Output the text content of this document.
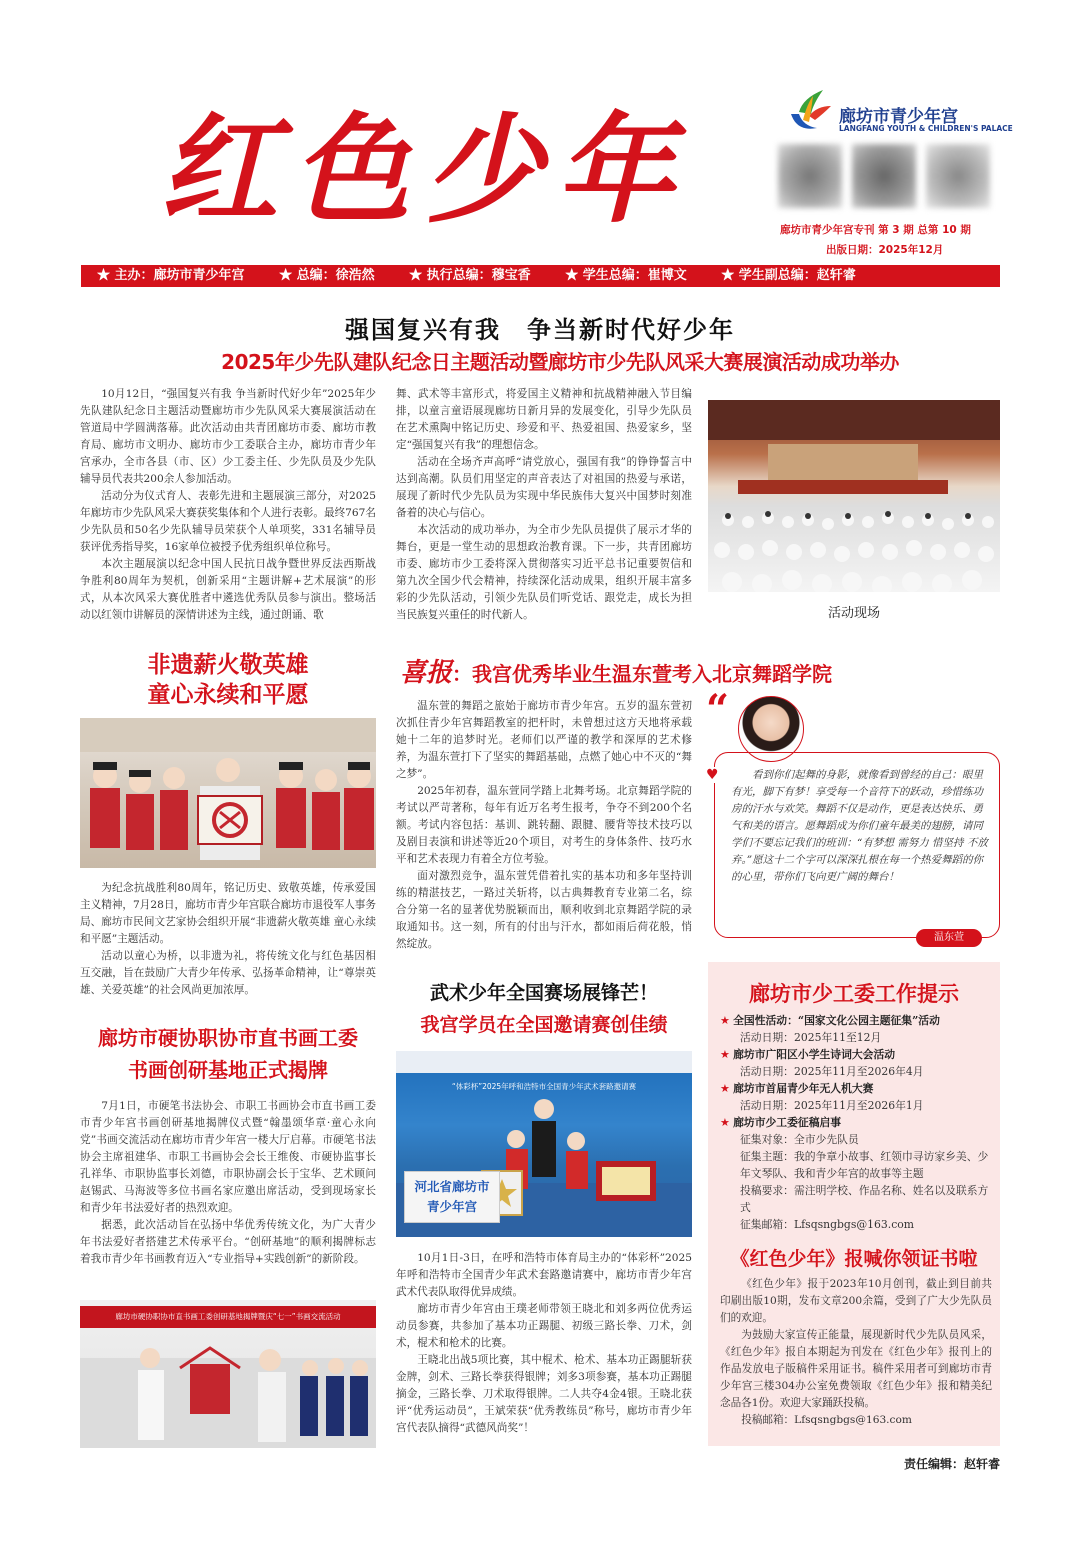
红色少年	廊坊市青少年宫
LANGFANG YOUTH & CHILDREN'S PALACE
廊坊市青少年宫专刊 第 3 期 总第 10 期
出版日期：2025年12月
★ 主办：廊坊市青少年宫	★ 总编：徐浩然	★ 执行总编：穆宝香	★ 学生总编：崔博文	★ 学生副总编：赵轩睿
强国复兴有我　争当新时代好少年
2025年少先队建队纪念日主题活动暨廊坊市少先队风采大赛展演活动成功举办

10月12日，“强国复兴有我 争当新时代好少年”2025年少先队建队纪念日主题活动暨廊坊市少先队风采大赛展演活动在管道局中学圆满落幕。此次活动由共青团廊坊市委、廊坊市教育局、廊坊市文明办、廊坊市少工委联合主办，廊坊市青少年宫承办，全市各县（市、区）少工委主任、少先队员及少先队辅导员代表共200余人参加活动。

活动分为仪式育人、表彰先进和主题展演三部分，对2025年廊坊市少先队风采大赛获奖集体和个人进行表彰。最终767名少先队员和50名少先队辅导员荣获个人单项奖，331名辅导员获评优秀指导奖，16家单位被授予优秀组织单位称号。

本次主题展演以纪念中国人民抗日战争暨世界反法西斯战争胜利80周年为契机，创新采用“主题讲解+艺术展演”的形式，从本次风采大赛优胜者中遴选优秀队员参与演出。整场活动以红领巾讲解员的深情讲述为主线，通过朗诵、歌

舞、武术等丰富形式，将爱国主义精神和抗战精神融入节目编排，以童言童语展现廊坊日新月异的发展变化，引导少先队员在艺术熏陶中铭记历史、珍爱和平、热爱祖国、热爱家乡，坚定“强国复兴有我”的理想信念。

活动在全场齐声高呼“请党放心，强国有我”的铮铮誓言中达到高潮。队员们用坚定的声音表达了对祖国的热爱与承诺，展现了新时代少先队员为实现中华民族伟大复兴中国梦时刻准备着的决心与信心。

本次活动的成功举办，为全市少先队员提供了展示才华的舞台，更是一堂生动的思想政治教育课。下一步，共青团廊坊市委、廊坊市少工委将深入贯彻落实习近平总书记重要贺信和第九次全国少代会精神，持续深化活动成果，组织开展丰富多彩的少先队活动，引领少先队员们听党话、跟党走，成长为担当民族复兴重任的时代新人。	活动现场
非遗薪火敬英雄
童心永续和平愿

为纪念抗战胜利80周年，铭记历史、致敬英雄，传承爱国主义精神，7月28日，廊坊市青少年宫联合廊坊市退役军人事务局、廊坊市民间文艺家协会组织开展“非遗薪火敬英雄 童心永续和平愿”主题活动。

活动以童心为桥，以非遗为礼，将传统文化与红色基因相互交融，旨在鼓励广大青少年传承、弘扬革命精神，让“尊崇英雄、关爱英雄”的社会风尚更加浓厚。

廊坊市硬协职协市直书画工委
书画创研基地正式揭牌

7月1日，市硬笔书法协会、市职工书画协会市直书画工委市青少年宫书画创研基地揭牌仪式暨“翰墨颂华章·童心永向党”书画交流活动在廊坊市青少年宫一楼大厅启幕。市硬笔书法协会主席祖建华、市职工书画协会会长王维俊、市硬协监事长孔祥华、市职协监事长刘德，市职协副会长于宝华、艺术顾问赵锡武、马海波等多位书画名家应邀出席活动，受到现场家长和青少年书法爱好者的热烈欢迎。

据悉，此次活动旨在弘扬中华优秀传统文化，为广大青少年书法爱好者搭建艺术传承平台。“创研基地”的顺利揭牌标志着我市青少年书画教育迈入“专业指导+实践创新”的新阶段。

廊坊市硬协职协市直书画工委创研基地揭牌暨庆“七一”书画交流活动
喜报：我宫优秀毕业生温东萱考入北京舞蹈学院

温东萱的舞蹈之旅始于廊坊市青少年宫。五岁的温东萱初次抓住青少年宫舞蹈教室的把杆时，未曾想过这方天地将承载她十二年的追梦时光。老师们以严谨的教学和深厚的艺术修养，为温东萱打下了坚实的舞蹈基础，点燃了她心中不灭的“舞之梦”。

2025年初春，温东萱同学踏上北舞考场。北京舞蹈学院的考试以严苛著称，每年有近万名考生报考，争夺不到200个名额。考试内容包括：基训、跳转翻、跟腱、腰背等技术技巧以及剧目表演和讲述等近20个项目，对考生的身体条件、技巧水平和艺术表现力有着全方位考验。

面对激烈竞争，温东萱凭借着扎实的基本功和多年坚持训练的精湛技艺，一路过关斩将，以古典舞教育专业第二名，综合分第一名的显著优势脱颖而出，顺利收到北京舞蹈学院的录取通知书。这一刻，所有的付出与汗水，都如雨后荷花般，悄然绽放。

“
♥	看到你们起舞的身影，就像看到曾经的自己：眼里有光，脚下有梦！享受每一个音符下的跃动，珍惜练功房的汗水与欢笑。舞蹈不仅是动作，更是表达快乐、勇气和美的语言。愿舞蹈成为你们童年最美的翅膀，请同学们不要忘记我们的班训：“有梦想 需努力 惜坚持 不放弃。”愿这十二个字可以深深扎根在每一个热爱舞蹈的你的心里，带你们飞向更广阔的舞台！
温东萱
武术少年全国赛场展锋芒！
我宫学员在全国邀请赛创佳绩
“体彩杯”2025年呼和浩特市全国青少年武术套路邀请赛
河北省廊坊市
青少年宫

10月1日-3日，在呼和浩特市体育局主办的“体彩杯”2025年呼和浩特市全国青少年武术套路邀请赛中，廊坊市青少年宫武术代表队取得优异成绩。

廊坊市青少年宫由王璞老师带领王晓北和刘多两位优秀运动员参赛，共参加了基本功正踢腿、初级三路长拳、刀术，剑术，棍术和枪术的比赛。

王晓北出战5项比赛，其中棍术、枪术、基本功正踢腿斩获金牌，剑术、三路长拳获得银牌；刘多3项参赛，基本功正踢腿摘金，三路长拳、刀术取得银牌。二人共夺4金4银。王晓北获评“优秀运动员”，王斌荣获“优秀教练员”称号，廊坊市青少年宫代表队摘得“武德风尚奖”！

廊坊市少工委工作提示
★ 全国性活动：“国家文化公园主题征集”活动
活动日期：2025年11至12月
★ 廊坊市广阳区小学生诗词大会活动
活动日期：2025年11月至2026年4月
★ 廊坊市首届青少年无人机大赛
活动日期：2025年11月至2026年1月
★ 廊坊市少工委征稿启事
征集对象：全市少先队员
征集主题：我的争章小故事、红领巾寻访家乡美、少年文琴队、我和青少年宫的故事等主题
投稿要求：需注明学校、作品名称、姓名以及联系方式
征集邮箱：Lfsqsngbgs@163.com
《红色少年》报喊你领证书啦

《红色少年》报于2023年10月创刊，截止到目前共印刷出版10期，发布文章200余篇，受到了广大少先队员们的欢迎。

为鼓励大家宣传正能量，展现新时代少先队员风采，《红色少年》报自本期起为刊发在《红色少年》报刊上的作品发放电子版稿件采用证书。稿件采用者可到廊坊市青少年宫三楼304办公室免费领取《红色少年》报和精美纪念品各1份。欢迎大家踊跃投稿。

投稿邮箱：Lfsqsngbgs@163.com

责任编辑：赵轩睿
